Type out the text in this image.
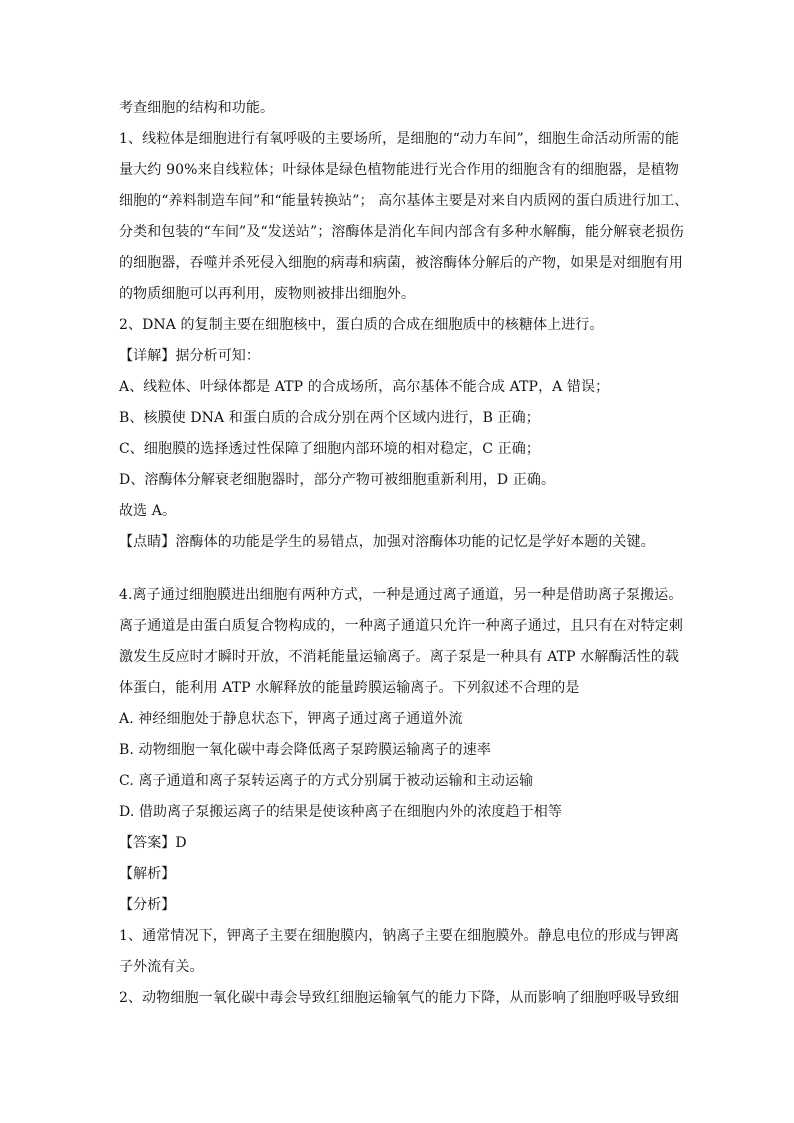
考查细胞的结构和功能。
1、线粒体是细胞进行有氧呼吸的主要场所，是细胞的“动力车间”，细胞生命活动所需的能
量大约 90%来自线粒体；叶绿体是绿色植物能进行光合作用的细胞含有的细胞器，是植物
细胞的“养料制造车间”和“能量转换站”； 高尔基体主要是对来自内质网的蛋白质进行加工、
分类和包装的“车间”及“发送站”；溶酶体是消化车间内部含有多种水解酶，能分解衰老损伤
的细胞器，吞噬并杀死侵入细胞的病毒和病菌，被溶酶体分解后的产物，如果是对细胞有用
的物质细胞可以再利用，废物则被排出细胞外。
2、DNA 的复制主要在细胞核中，蛋白质的合成在细胞质中的核糖体上进行。
【详解】据分析可知：
A、线粒体、叶绿体都是 ATP 的合成场所，高尔基体不能合成 ATP，A 错误；
B、核膜使 DNA 和蛋白质的合成分别在两个区域内进行，B 正确；
C、细胞膜的选择透过性保障了细胞内部环境的相对稳定，C 正确；
D、溶酶体分解衰老细胞器时，部分产物可被细胞重新利用，D 正确。
故选 A。
【点睛】溶酶体的功能是学生的易错点，加强对溶酶体功能的记忆是学好本题的关键。
4.离子通过细胞膜进出细胞有两种方式，一种是通过离子通道，另一种是借助离子泵搬运。
离子通道是由蛋白质复合物构成的，一种离子通道只允许一种离子通过，且只有在对特定刺
激发生反应时才瞬时开放，不消耗能量运输离子。离子泵是一种具有 ATP 水解酶活性的载
体蛋白，能利用 ATP 水解释放的能量跨膜运输离子。下列叙述不合理的是
A. 神经细胞处于静息状态下，钾离子通过离子通道外流
B. 动物细胞一氧化碳中毒会降低离子泵跨膜运输离子的速率
C. 离子通道和离子泵转运离子的方式分别属于被动运输和主动运输
D. 借助离子泵搬运离子的结果是使该种离子在细胞内外的浓度趋于相等
【答案】D
【解析】
【分析】
1、通常情况下，钾离子主要在细胞膜内，钠离子主要在细胞膜外。静息电位的形成与钾离
子外流有关。
2、动物细胞一氧化碳中毒会导致红细胞运输氧气的能力下降，从而影响了细胞呼吸导致细
